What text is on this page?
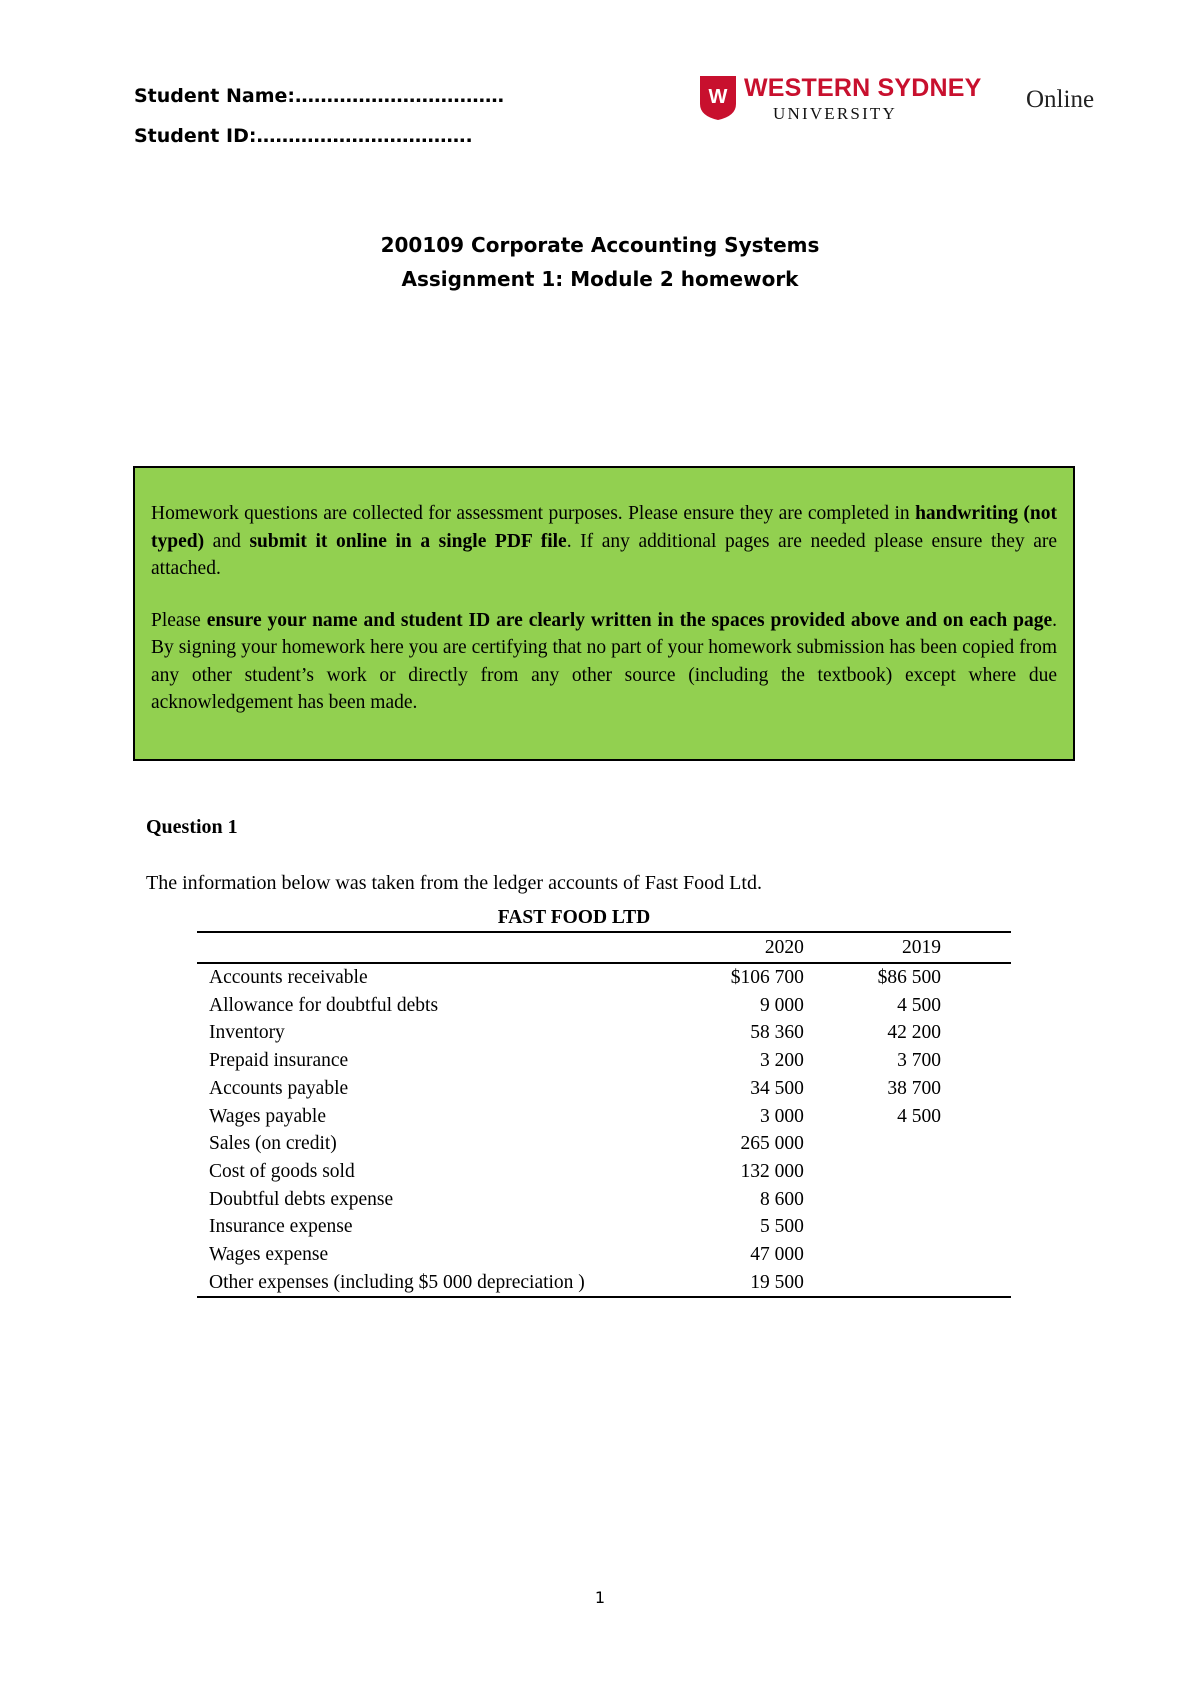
Student Name:……………………………
Student ID:…………………………….
W WESTERN SYDNEY
UNIVERSITY
Online
200109 Corporate Accounting Systems
Assignment 1: Module 2 homework

Homework questions are collected for assessment purposes. Please ensure they are completed in handwriting (not typed) and submit it online in a single PDF file. If any additional pages are needed please ensure they are attached.

Please ensure your name and student ID are clearly written in the spaces provided above and on each page. By signing your homework here you are certifying that no part of your homework submission has been copied from any other student’s work or directly from any other source (including the textbook) except where due acknowledgement has been made.

Question 1
The information below was taken from the ledger accounts of Fast Food Ltd.
FAST FOOD LTD
	2020	2019	
Accounts receivable	$106 700	$86 500	
Allowance for doubtful debts	9 000	4 500	
Inventory	58 360	42 200	
Prepaid insurance	3 200	3 700	
Accounts payable	34 500	38 700	
Wages payable	3 000	4 500	
Sales (on credit)	265 000		
Cost of goods sold	132 000		
Doubtful debts expense	8 600		
Insurance expense	5 500		
Wages expense	47 000		
Other expenses (including $5 000 depreciation )	19 500		
1
